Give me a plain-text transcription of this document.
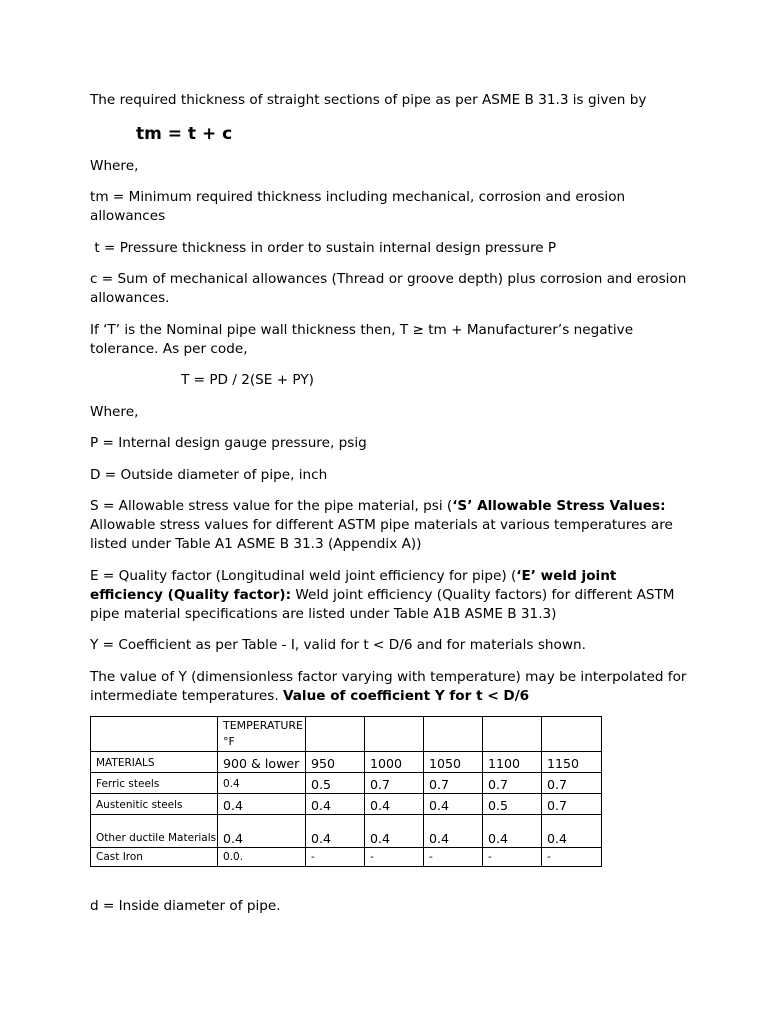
The required thickness of straight sections of pipe as per ASME B 31.3 is given by

tm = t + c

Where,

tm = Minimum required thickness including mechanical, corrosion and erosion allowances

t = Pressure thickness in order to sustain internal design pressure P

c = Sum of mechanical allowances (Thread or groove depth) plus corrosion and erosion allowances.

If ‘T’ is the Nominal pipe wall thickness then, T ≥ tm + Manufacturer’s negative tolerance. As per code,

T = PD / 2(SE + PY)

Where,

P = Internal design gauge pressure, psig

D = Outside diameter of pipe, inch

S = Allowable stress value for the pipe material, psi (‘S’ Allowable Stress Values: Allowable stress values for different ASTM pipe materials at various temperatures are listed under Table A1 ASME B 31.3 (Appendix A))

E = Quality factor (Longitudinal weld joint efficiency for pipe) (‘E’ weld joint efficiency (Quality factor): Weld joint efficiency (Quality factors) for different ASTM pipe material specifications are listed under Table A1B ASME B 31.3)

Y = Coefficient as per Table - I, valid for t < D/6 and for materials shown.

The value of Y (dimensionless factor varying with temperature) may be interpolated for intermediate temperatures. Value of coefficient Y for t < D/6

	TEMPERATURE °F					
MATERIALS	900 & lower	950	1000	1050	1100	1150
Ferric steels	0.4	0.5	0.7	0.7	0.7	0.7
Austenitic steels	0.4	0.4	0.4	0.4	0.5	0.7
Other ductile Materials	0.4	0.4	0.4	0.4	0.4	0.4
Cast Iron	0.0.	-	-	-	-	-

d = Inside diameter of pipe.
